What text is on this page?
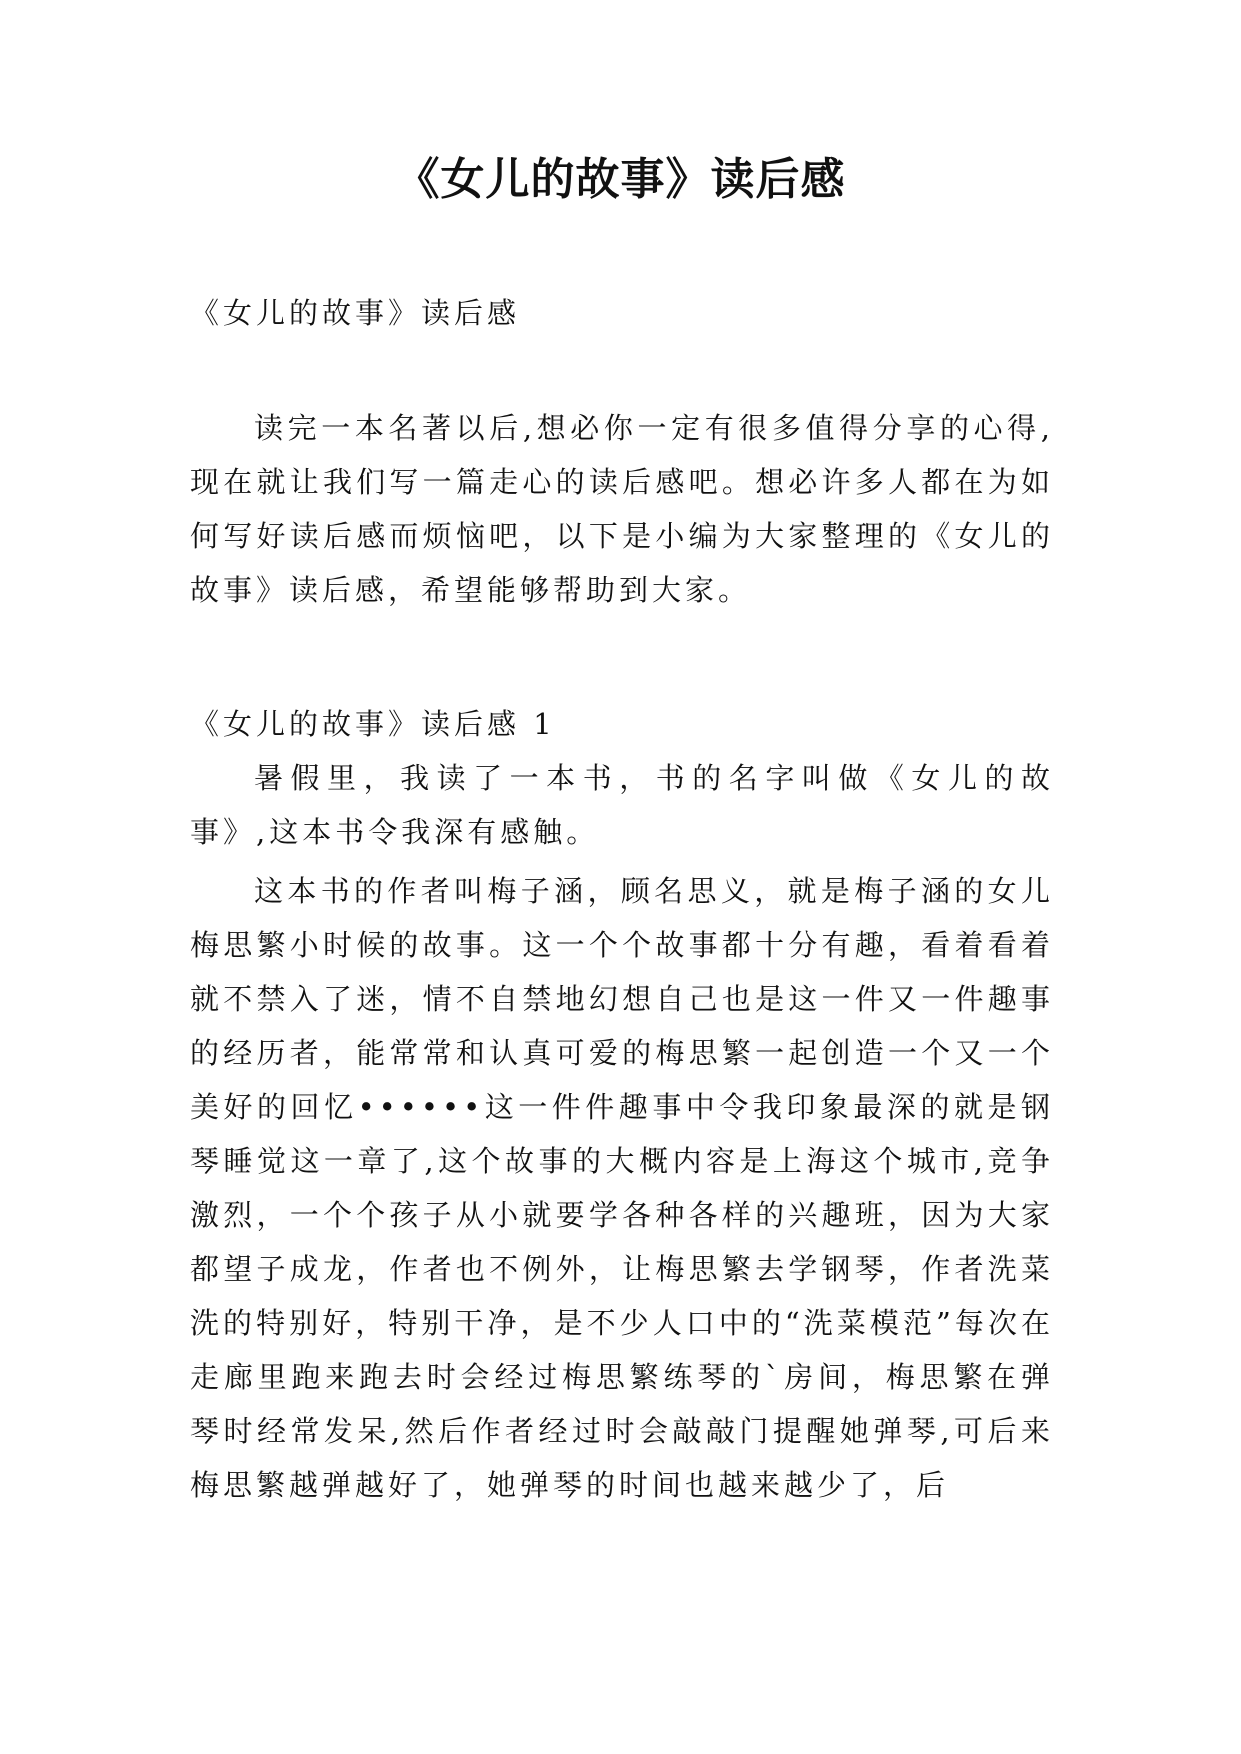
《女儿的故事》读后感

《女儿的故事》读后感

读完一本名著以后,想必你一定有很多值得分享的心得,现在就让我们写一篇走心的读后感吧。想必许多人都在为如何写好读后感而烦恼吧，以下是小编为大家整理的《女儿的故事》读后感，希望能够帮助到大家。

《女儿的故事》读后感 1

暑假里，我读了一本书，书的名字叫做《女儿的故事》,这本书令我深有感触。

这本书的作者叫梅子涵，顾名思义，就是梅子涵的女儿梅思繁小时候的故事。这一个个故事都十分有趣，看着看着就不禁入了迷，情不自禁地幻想自己也是这一件又一件趣事的经历者，能常常和认真可爱的梅思繁一起创造一个又一个美好的回忆••••••这一件件趣事中令我印象最深的就是钢琴睡觉这一章了,这个故事的大概内容是上海这个城市,竞争激烈，一个个孩子从小就要学各种各样的兴趣班，因为大家都望子成龙，作者也不例外，让梅思繁去学钢琴，作者洗菜洗的特别好，特别干净，是不少人口中的“洗菜模范”每次在走廊里跑来跑去时会经过梅思繁练琴的`房间，梅思繁在弹琴时经常发呆,然后作者经过时会敲敲门提醒她弹琴,可后来梅思繁越弹越好了，她弹琴的时间也越来越少了，后
